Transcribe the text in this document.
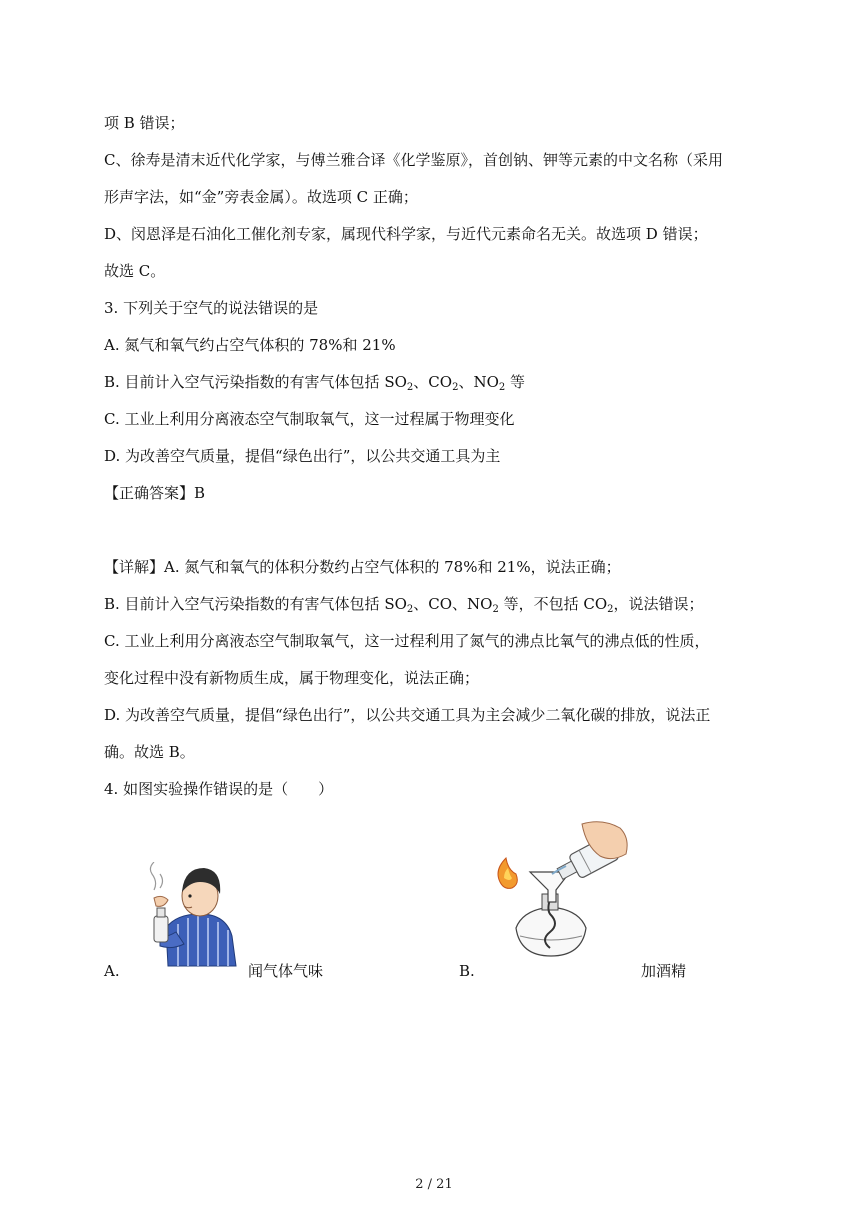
项 B 错误；
C、徐寿是清末近代化学家，与傅兰雅合译《化学鉴原》，首创钠、钾等元素的中文名称（采用
形声字法，如“金”旁表金属）。故选项 C 正确；
D、闵恩泽是石油化工催化剂专家，属现代科学家，与近代元素命名无关。故选项 D 错误；
故选 C。
3. 下列关于空气的说法错误的是
A. 氮气和氧气约占空气体积的 78%和 21%
B. 目前计入空气污染指数的有害气体包括 $SO_2$、$CO_2$、$NO_2$ 等
C. 工业上利用分离液态空气制取氧气，这一过程属于物理变化
D. 为改善空气质量，提倡“绿色出行”，以公共交通工具为主
【正确答案】B
【详解】A. 氮气和氧气的体积分数约占空气体积的 78%和 21%，说法正确；
B. 目前计入空气污染指数的有害气体包括 $SO_2$、CO、$NO_2$ 等，不包括 $CO_2$，说法错误；
C. 工业上利用分离液态空气制取氧气，这一过程利用了氮气的沸点比氧气的沸点低的性质，
变化过程中没有新物质生成，属于物理变化，说法正确；
D. 为改善空气质量，提倡“绿色出行”，以公共交通工具为主会减少二氧化碳的排放，说法正
确。故选 B。
4. 如图实验操作错误的是（　　）
A.	闻气体气味	B.	加酒精
2 / 21
